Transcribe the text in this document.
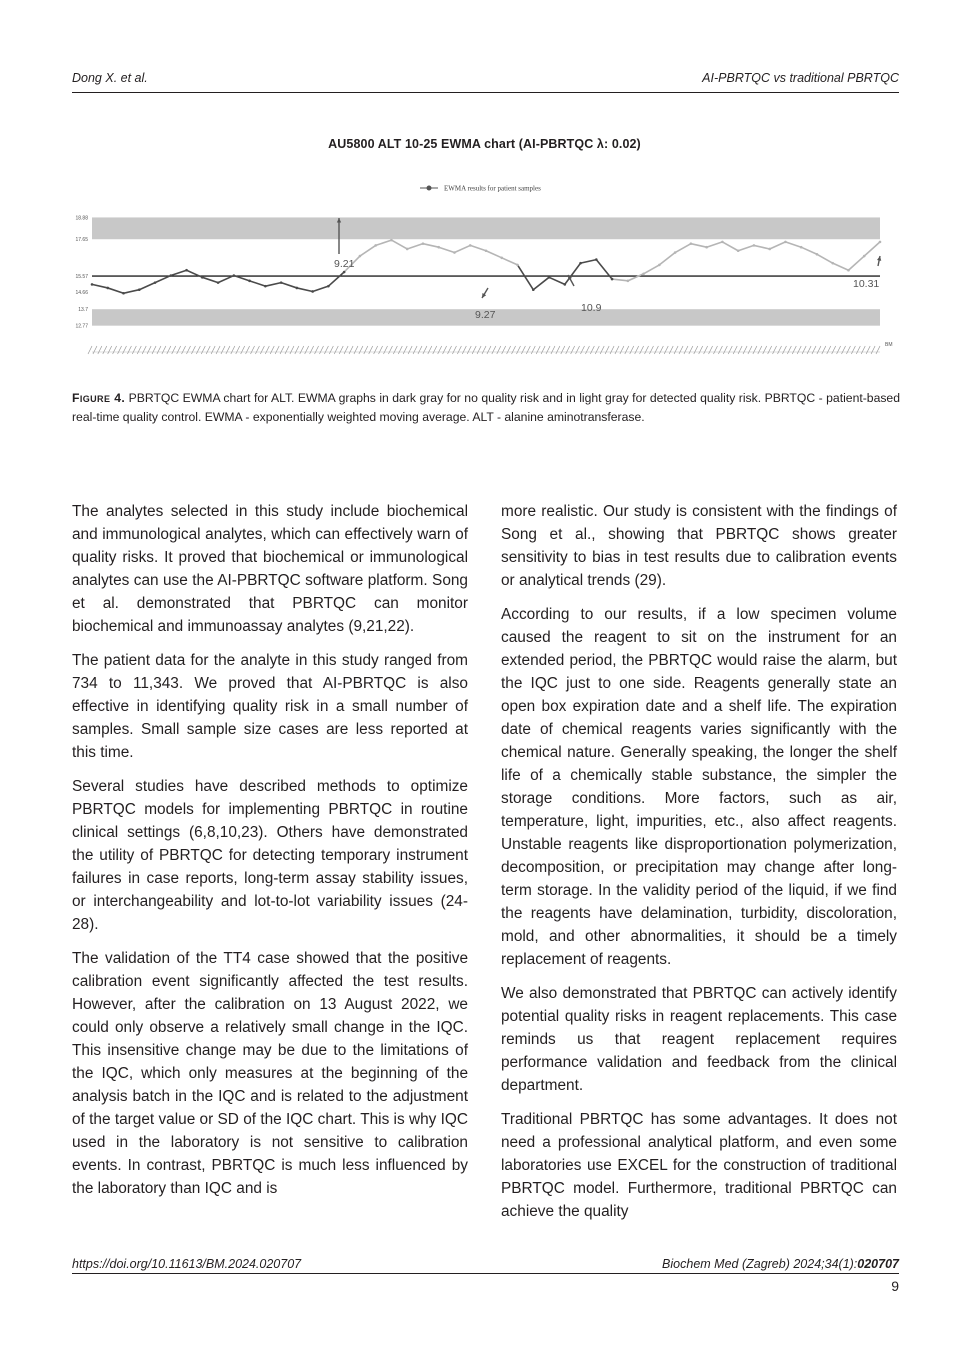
Dong X. et al.	AI-PBRTQC vs traditional PBRTQC
AU5800 ALT 10-25 EWMA chart (AI-PBRTQC λ: 0.02)
18.88
17.65
15.57
14.66
13.7
12.77
BM
EWMA results for patient samples
9.21
9.27
10.9
10.31
Figure 4. PBRTQC EWMA chart for ALT. EWMA graphs in dark gray for no quality risk and in light gray for detected quality risk. PBRTQC - patient-based real-time quality control. EWMA - exponentially weighted moving average. ALT - alanine aminotransferase.

The analytes selected in this study include biochemical and immunological analytes, which can effectively warn of quality risks. It proved that biochemical or immunological analytes can use the AI-PBRTQC software platform. Song et al. demonstrated that PBRTQC can monitor biochemical and immunoassay analytes (9,21,22).

The patient data for the analyte in this study ranged from 734 to 11,343. We proved that AI-PBRTQC is also effective in identifying quality risk in a small number of samples. Small sample size cases are less reported at this time.

Several studies have described methods to optimize PBRTQC models for implementing PBRTQC in routine clinical settings (6,8,10,23). Others have demonstrated the utility of PBRTQC for detecting temporary instrument failures in case reports, long-term assay stability issues, or interchangeability and lot-to-lot variability issues (24-28).

The validation of the TT4 case showed that the positive calibration event significantly affected the test results. However, after the calibration on 13 August 2022, we could only observe a relatively small change in the IQC. This insensitive change may be due to the limitations of the IQC, which only measures at the beginning of the analysis batch in the IQC and is related to the adjustment of the target value or SD of the IQC chart. This is why IQC used in the laboratory is not sensitive to calibration events. In contrast, PBRTQC is much less influenced by the laboratory than IQC and is

more realistic. Our study is consistent with the findings of Song et al., showing that PBRTQC shows greater sensitivity to bias in test results due to calibration events or analytical trends (29).

According to our results, if a low specimen volume caused the reagent to sit on the instrument for an extended period, the PBRTQC would raise the alarm, but the IQC just to one side. Reagents generally state an open box expiration date and a shelf life. The expiration date of chemical reagents varies significantly with the chemical nature. Generally speaking, the longer the shelf life of a chemically stable substance, the simpler the storage conditions. More factors, such as air, temperature, light, impurities, etc., also affect reagents. Unstable reagents like disproportionation polymerization, decomposition, or precipitation may change after long-term storage. In the validity period of the liquid, if we find the reagents have delamination, turbidity, discoloration, mold, and other abnormalities, it should be a timely replacement of reagents.

We also demonstrated that PBRTQC can actively identify potential quality risks in reagent replacements. This case reminds us that reagent replacement requires performance validation and feedback from the clinical department.

Traditional PBRTQC has some advantages. It does not need a professional analytical platform, and even some laboratories use EXCEL for the construction of traditional PBRTQC model. Furthermore, traditional PBRTQC can achieve the quality

https://doi.org/10.11613/BM.2024.020707	Biochem Med (Zagreb) 2024;34(1):020707
9
